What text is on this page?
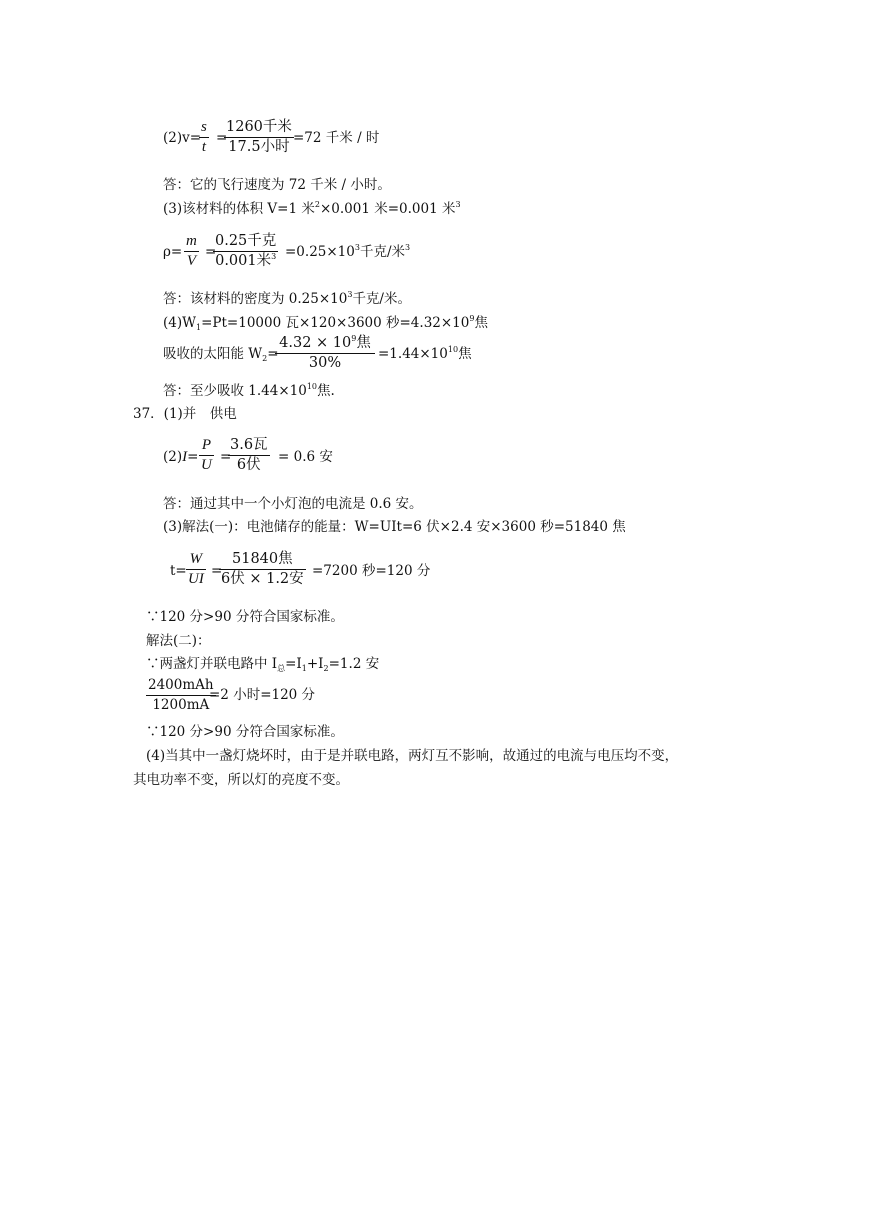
(2)v=
$\frac{s}{t}$ =
1260千米
17.5小时
=72 千米 / 时
答：它的飞行速度为 72 千米 / 小时。
(3)该材料的体积 V=1 米$^2$×0.001 米=0.001 米$^3$
$\rho= \frac{m}{V}$ =
0.25千克
0.001米$^3 =0.25\times 10^3$千克/米$^3$
答：该材料的密度为 $0.25\times 10^3$千克/米。
$(4)W_1=Pt=10000$ 瓦×120×3600 秒$=4.32\times 10^9$焦
吸收的太阳能 $W_2=$
$4.32 \times 10^9$焦
30%
$=1.44\times 10^{10}$焦
答：至少吸收 $1.44\times 10^{10}$焦.
37．(1)并　供电
$(2)I= \frac{P}{U}$ =
3.6瓦
6伏	= 0.6 安
答：通过其中一个小灯泡的电流是 0.6 安。
(3)解法(一)：电池储存的能量：W=UIt=6 伏×2.4 安×3600 秒=51840 焦
$t= \frac{W}{UI}$ =
51840焦
6伏 × 1.2安 =7200 秒=120 分
∵120 分>90 分符合国家标准。
解法(二)：
∵两盏灯并联电路中 $I_总=I_1+I_2=1.2$ 安
2400mAh
1200mA
=2 小时=120 分
∵120 分>90 分符合国家标准。
(4)当其中一盏灯烧坏时，由于是并联电路，两灯互不影响，故通过的电流与电压均不变，
其电功率不变，所以灯的亮度不变。
